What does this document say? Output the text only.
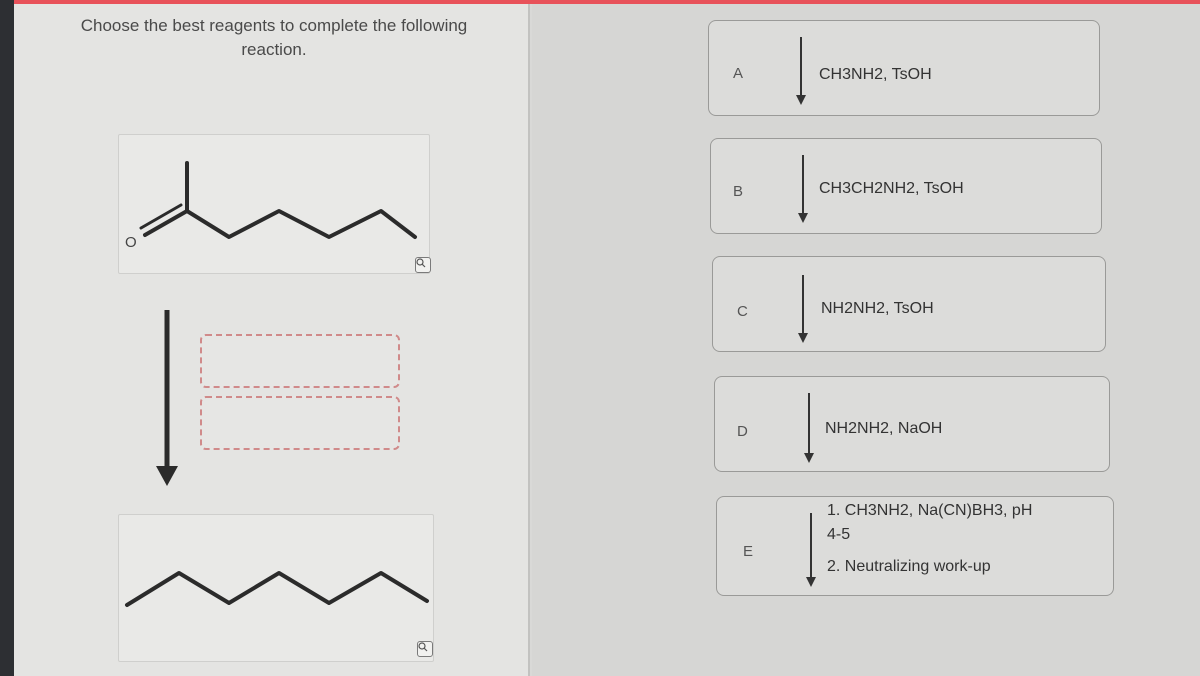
Choose the best reagents to complete the following
reaction.
O
A	CH3NH2, TsOH
B	CH3CH2NH2, TsOH
C	NH2NH2, TsOH
D	NH2NH2, NaOH
E
1. CH3NH2, Na(CN)BH3, pH
4-5
2. Neutralizing work-up
